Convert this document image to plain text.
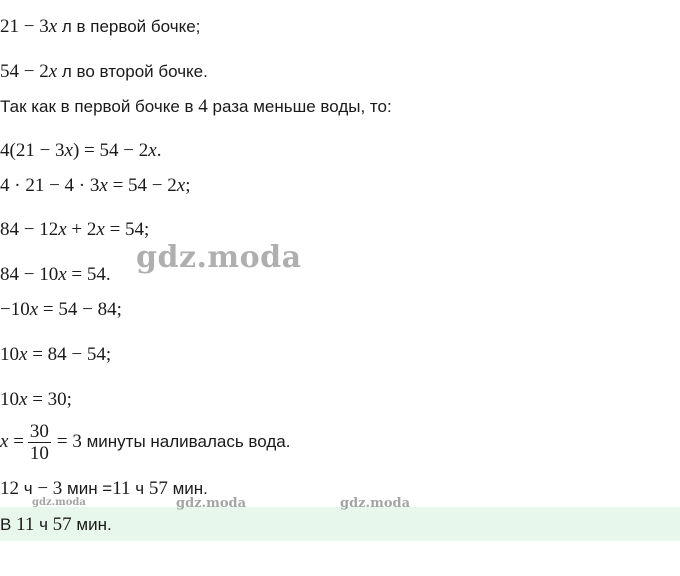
21 − 3x л в первой бочке;
54 − 2x л во второй бочке.
Так как в первой бочке в 4 раза меньше воды, то:
4(21 − 3x) = 54 − 2x.
4 · 21 − 4 · 3x = 54 − 2x;
84 − 12x + 2x = 54;
84 − 10x = 54.
−10x = 54 − 84;
10x = 84 − 54;
10x = 30;
$x = \frac{30}{10} = 3$ минуты наливалась вода.
12 ч − 3 мин =11 ч 57 мин.
В 11 ч 57 мин.
gdz.moda
gdz.moda	gdz.moda	gdz.moda
